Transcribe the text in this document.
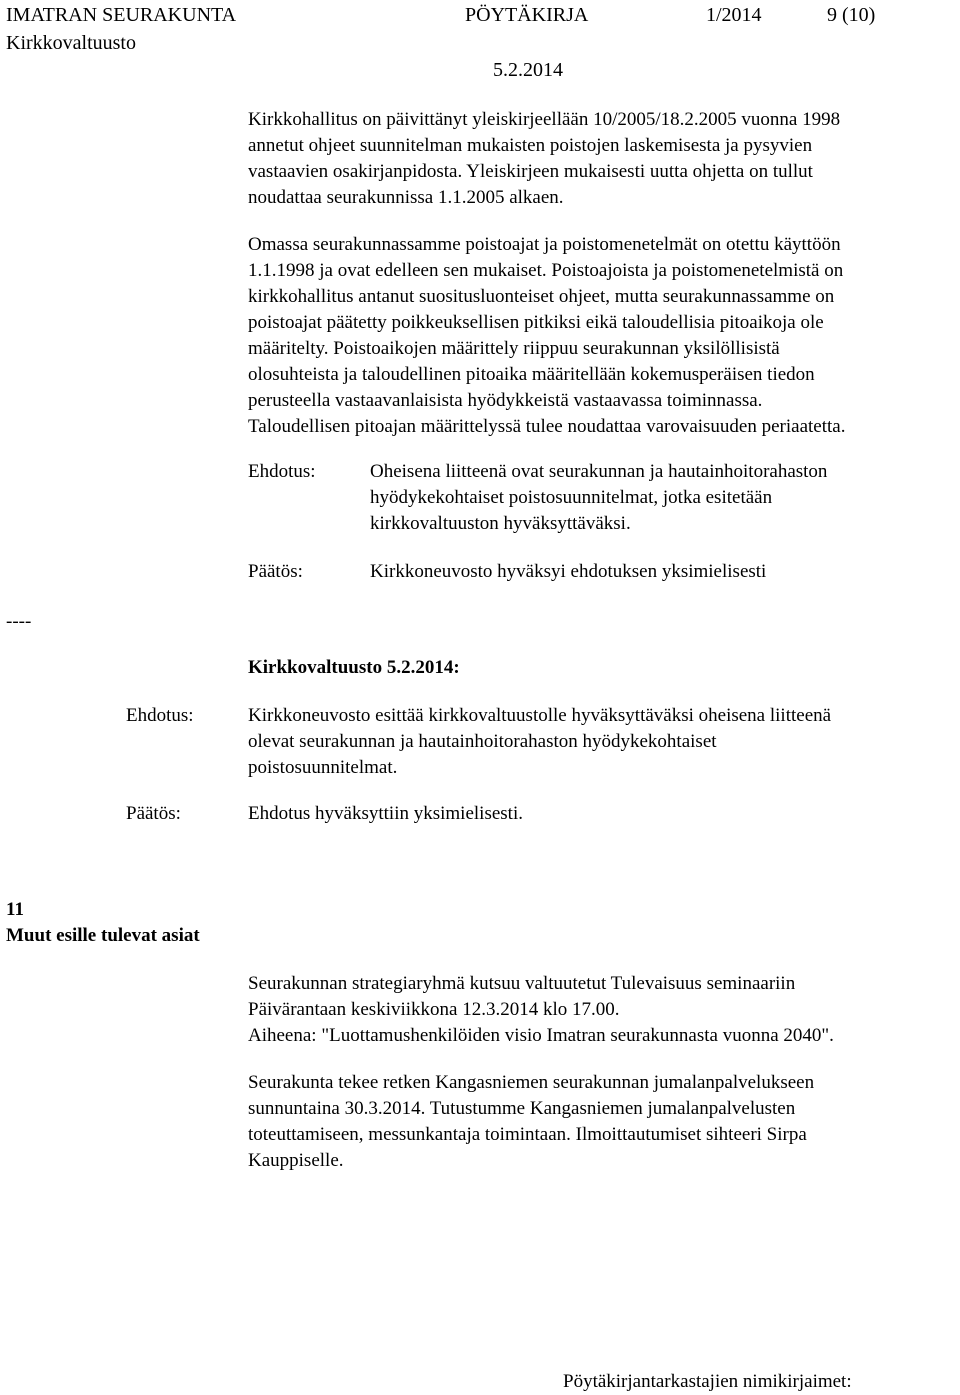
IMATRAN SEURAKUNTA	PÖYTÄKIRJA	1/2014	9 (10)
Kirkkovaltuusto
5.2.2014
Kirkkohallitus on päivittänyt yleiskirjeellään 10/2005/18.2.2005 vuonna 1998
annetut ohjeet suunnitelman mukaisten poistojen laskemisesta ja pysyvien
vastaavien osakirjanpidosta. Yleiskirjeen mukaisesti uutta ohjetta on tullut
noudattaa seurakunnissa 1.1.2005 alkaen.
Omassa seurakunnassamme poistoajat ja poistomenetelmät on otettu käyttöön
1.1.1998 ja ovat edelleen sen mukaiset. Poistoajoista ja poistomenetelmistä on
kirkkohallitus antanut suositusluonteiset ohjeet, mutta seurakunnassamme on
poistoajat päätetty poikkeuksellisen pitkiksi eikä taloudellisia pitoaikoja ole
määritelty. Poistoaikojen määrittely riippuu seurakunnan yksilöllisistä
olosuhteista ja taloudellinen pitoaika määritellään kokemusperäisen tiedon
perusteella vastaavanlaisista hyödykkeistä vastaavassa toiminnassa.
Taloudellisen pitoajan määrittelyssä tulee noudattaa varovaisuuden periaatetta.
Ehdotus:	Oheisena liitteenä ovat seurakunnan ja hautainhoitorahaston
hyödykekohtaiset poistosuunnitelmat, jotka esitetään
kirkkovaltuuston hyväksyttäväksi.
Päätös:	Kirkkoneuvosto hyväksyi ehdotuksen yksimielisesti
----
Kirkkovaltuusto 5.2.2014:
Ehdotus:	Kirkkoneuvosto esittää kirkkovaltuustolle hyväksyttäväksi oheisena liitteenä
olevat seurakunnan ja hautainhoitorahaston hyödykekohtaiset
poistosuunnitelmat.
Päätös:	Ehdotus hyväksyttiin yksimielisesti.
11
Muut esille tulevat asiat
Seurakunnan strategiaryhmä kutsuu valtuutetut Tulevaisuus seminaariin
Päivärantaan keskiviikkona 12.3.2014 klo 17.00.
Aiheena: "Luottamushenkilöiden visio Imatran seurakunnasta vuonna 2040".
Seurakunta tekee retken Kangasniemen seurakunnan jumalanpalvelukseen
sunnuntaina 30.3.2014. Tutustumme Kangasniemen jumalanpalvelusten
toteuttamiseen, messunkantaja toimintaan. Ilmoittautumiset sihteeri Sirpa
Kauppiselle.
Pöytäkirjantarkastajien nimikirjaimet:
